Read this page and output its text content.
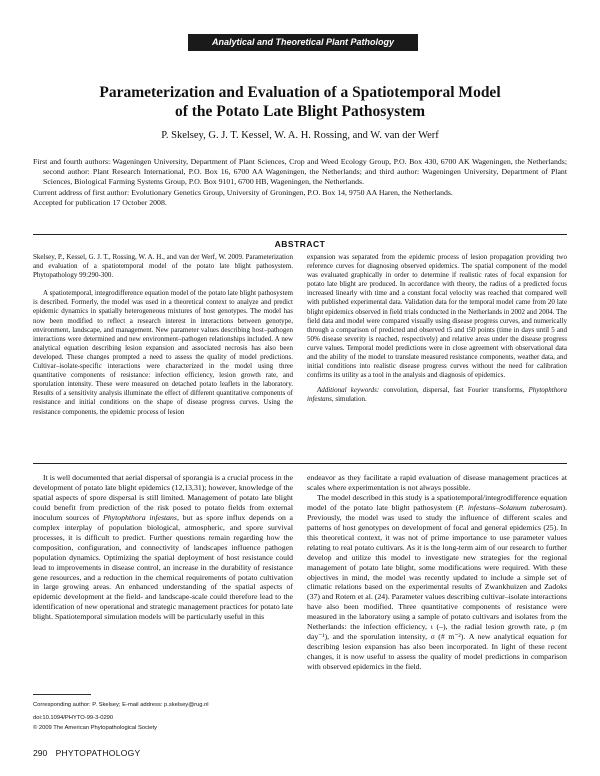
Analytical and Theoretical Plant Pathology
Parameterization and Evaluation of a Spatiotemporal Model
of the Potato Late Blight Pathosystem
P. Skelsey, G. J. T. Kessel, W. A. H. Rossing, and W. van der Werf

First and fourth authors: Wageningen University, Department of Plant Sciences, Crop and Weed Ecology Group, P.O. Box 430, 6700 AK Wageningen, the Netherlands; second author: Plant Research International, P.O. Box 16, 6700 AA Wageningen, the Netherlands; and third author: Wageningen University, Department of Plant Sciences, Biological Farming Systems Group, P.O. Box 9101, 6700 HB, Wageningen, the Netherlands.

Current address of first author: Evolutionary Genetics Group, University of Groningen, P.O. Box 14, 9750 AA Haren, the Netherlands.

Accepted for publication 17 October 2008.

ABSTRACT

Skelsey, P., Kessel, G. J. T., Rossing, W. A. H., and van der Werf, W. 2009. Parameterization and evaluation of a spatiotemporal model of the potato late blight pathosystem. Phytopathology 99:290-300.

A spatiotemporal, integrodifference equation model of the potato late blight pathosystem is described. Formerly, the model was used in a theoretical context to analyze and predict epidemic dynamics in spatially heterogeneous mixtures of host genotypes. The model has now been modified to reflect a research interest in interactions between genotype, environment, landscape, and management. New parameter values describing host–pathogen interactions were determined and new environment–pathogen relationships included. A new analytical equation describing lesion expansion and associated necrosis has also been developed. These changes prompted a need to assess the quality of model predictions. Cultivar–isolate-specific interactions were characterized in the model using three quantitative components of resistance: infection efficiency, lesion growth rate, and sporulation intensity. These were measured on detached potato leaflets in the laboratory. Results of a sensitivity analysis illuminate the effect of different quantitative components of resistance and initial conditions on the shape of disease progress curves. Using the resistance components, the epidemic process of lesion

expansion was separated from the epidemic process of lesion propagation providing two reference curves for diagnosing observed epidemics. The spatial component of the model was evaluated graphically in order to determine if realistic rates of focal expansion for potato late blight are produced. In accordance with theory, the radius of a predicted focus increased linearly with time and a constant focal velocity was reached that compared well with published experimental data. Validation data for the temporal model came from 20 late blight epidemics observed in field trials conducted in the Netherlands in 2002 and 2004. The field data and model were compared visually using disease progress curves, and numerically through a comparison of predicted and observed t5 and t50 points (time in days until 5 and 50% disease severity is reached, respectively) and relative areas under the disease progress curve values. Temporal model predictions were in close agreement with observational data and the ability of the model to translate measured resistance components, weather data, and initial conditions into realistic disease progress curves without the need for calibration confirms its utility as a tool in the analysis and diagnosis of epidemics.

Additional keywords: convolution, dispersal, fast Fourier transforms, Phytophthora infestans, simulation.

It is well documented that aerial dispersal of sporangia is a crucial process in the development of potato late blight epidemics (12,13,31); however, knowledge of the spatial aspects of spore dispersal is still limited. Management of potato late blight could benefit from prediction of the risk posed to potato fields from external inoculum sources of Phytophthora infestans, but as spore influx depends on a complex interplay of population biological, atmospheric, and spore survival processes, it is difficult to predict. Further questions remain regarding how the composition, configuration, and connectivity of landscapes influence pathogen population dynamics. Optimizing the spatial deployment of host resistance could lead to improvements in disease control, an increase in the durability of resistance gene resources, and a reduction in the chemical requirements of potato cultivation in large growing areas. An enhanced understanding of the spatial aspects of epidemic development at the field- and landscape-scale could therefore lead to the identification of new operational and strategic management practices for potato late blight. Spatiotemporal simulation models will be particularly useful in this

endeavor as they facilitate a rapid evaluation of disease management practices at scales where experimentation is not always possible.

The model described in this study is a spatiotemporal/integrodifference equation model of the potato late blight pathosystem (P. infestans–Solanum tuberosum). Previously, the model was used to study the influence of different scales and patterns of host genotypes on development of focal and general epidemics (25). In this theoretical context, it was not of prime importance to use parameter values relating to real potato cultivars. As it is the long-term aim of our research to further develop and utilize this model to investigate new strategies for the regional management of potato late blight, some modifications were required. With these objectives in mind, the model was recently updated to include a simple set of climatic relations based on the experimental results of Zwankhuizen and Zadoks (37) and Rotem et al. (24). Parameter values describing cultivar–isolate interactions have also been modified. Three quantitative components of resistance were measured in the laboratory using a sample of potato cultivars and isolates from the Netherlands: the infection efficiency, ι (–), the radial lesion growth rate, ρ (m day⁻¹), and the sporulation intensity, σ (# m⁻²). A new analytical equation for describing lesion expansion has also been incorporated. In light of these recent changes, it is now useful to assess the quality of model predictions in comparison with observed epidemics in the field.

Corresponding author: P. Skelsey; E-mail address: p.skelsey@rug.nl
doi:10.1094/PHYTO-99-3-0290
© 2009 The American Phytopathological Society
290 PHYTOPATHOLOGY
